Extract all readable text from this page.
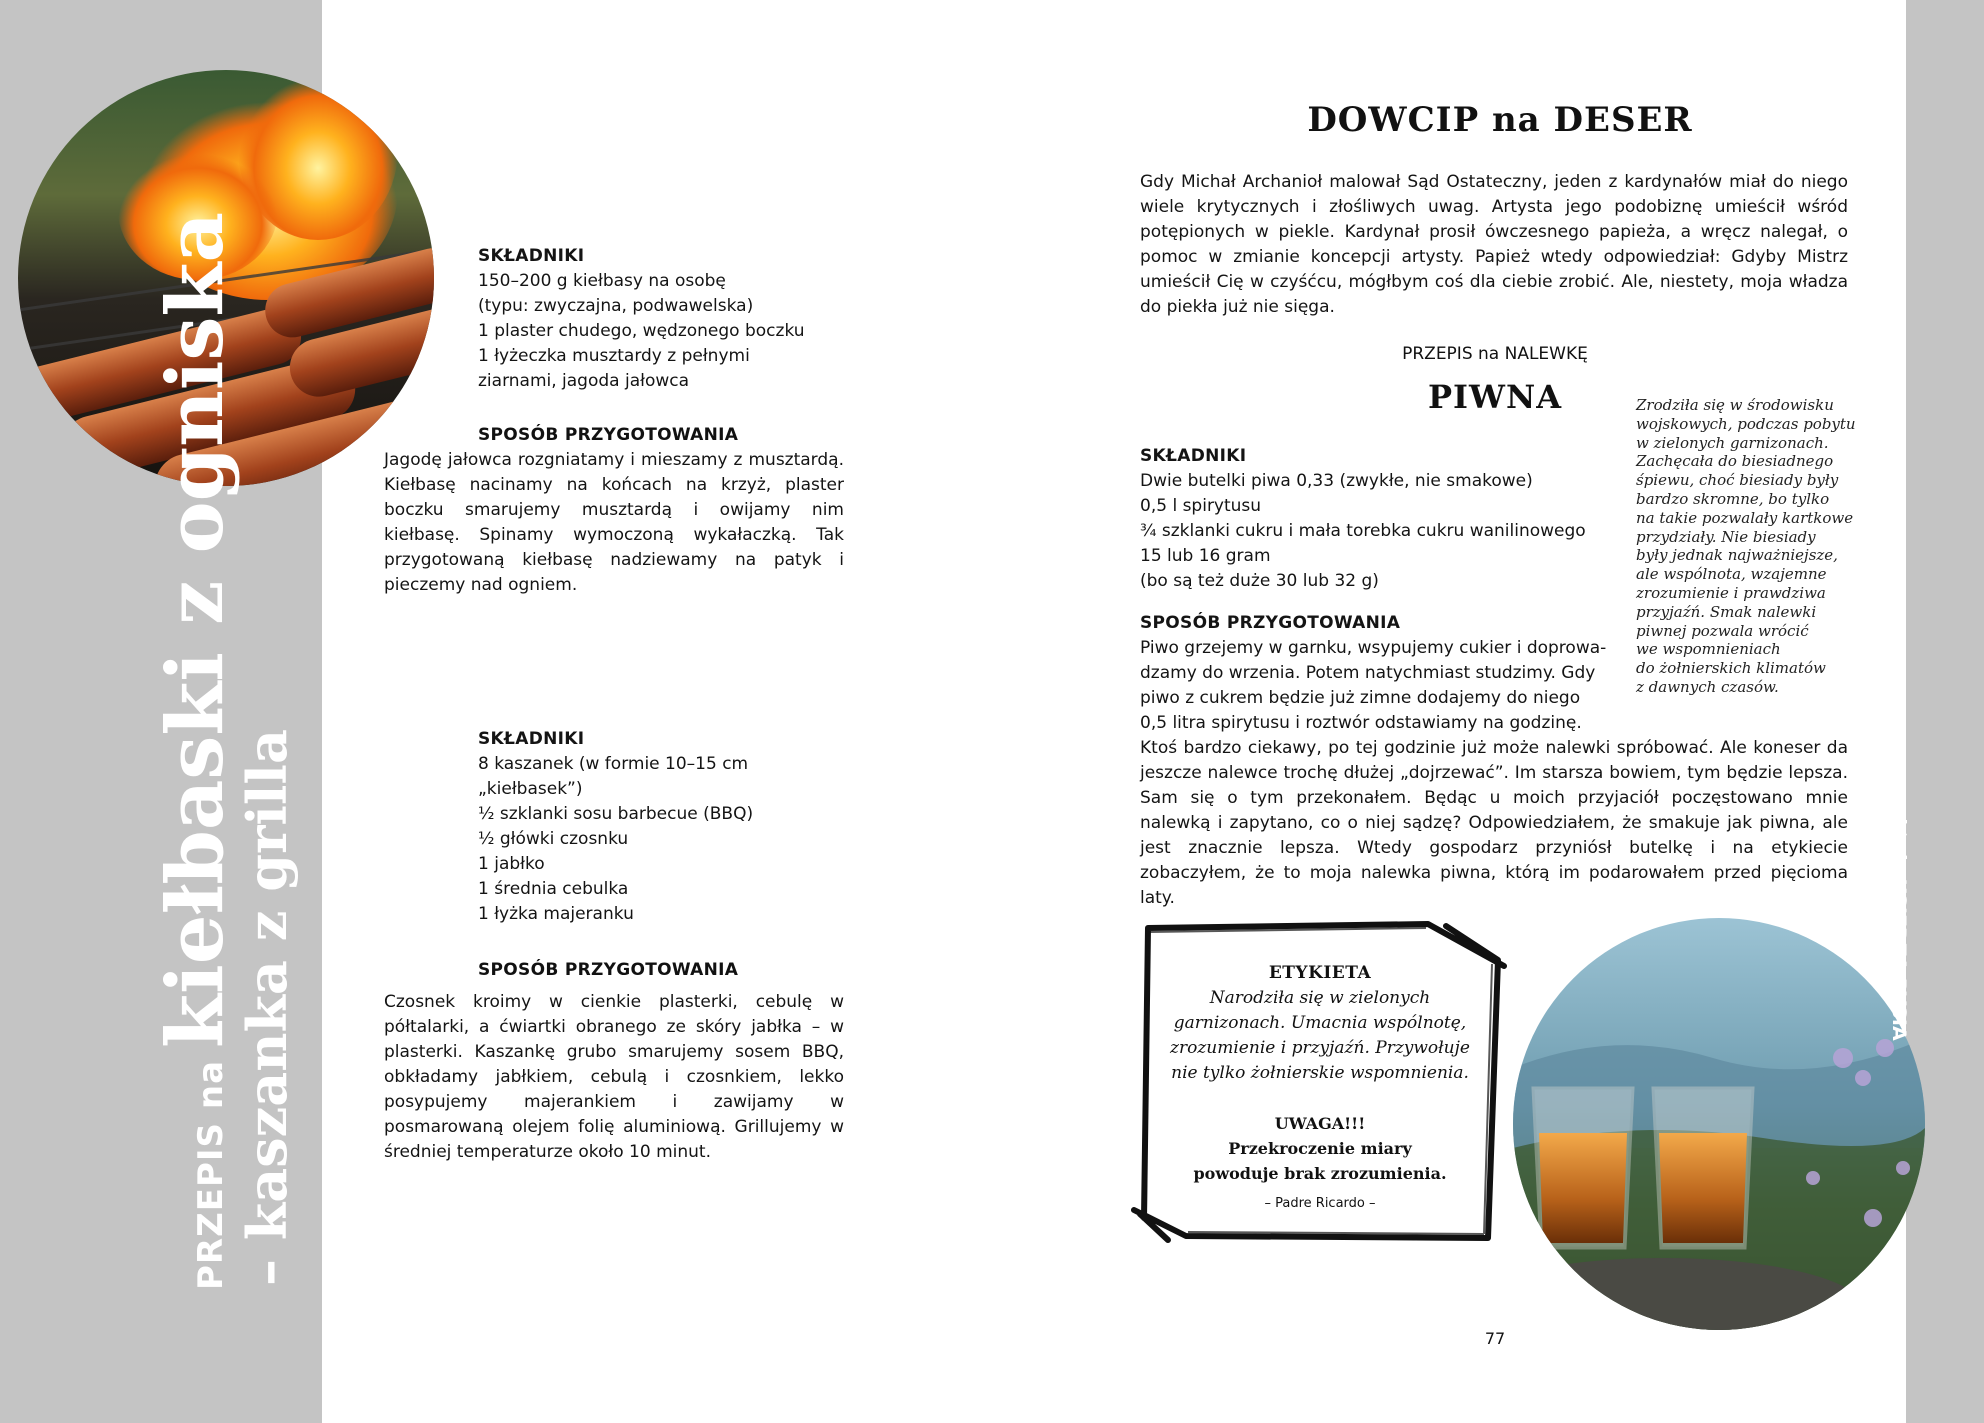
PRZEPIS nakiełbaski z ogniska
– kaszanka z grilla
SKŁADNIKI
150–200 g kiełbasy na osobę
(typu: zwyczajna, podwawelska)
1 plaster chudego, wędzonego boczku
1 łyżeczka musztardy z pełnymi
ziarnami, jagoda jałowca
SPOSÓB PRZYGOTOWANIA
Jagodę jałowca rozgniatamy i mieszamy z musztardą. Kiełbasę nacinamy na końcach na krzyż, plaster boczku smarujemy musztardą i owijamy nim kiełbasę. Spinamy wymoczoną wykałaczką. Tak przygotowaną kiełbasę nadziewamy na patyk i pieczemy nad ogniem.
SKŁADNIKI
8 kaszanek (w formie 10–15 cm
„kiełbasek”)
½ szklanki sosu barbecue (BBQ)
½ główki czosnku
1 jabłko
1 średnia cebulka
1 łyżka majeranku
SPOSÓB PRZYGOTOWANIA
Czosnek kroimy w cienkie plasterki, cebulę w półtalarki, a ćwiartki obranego ze skóry jabłka – w plasterki. Kaszankę grubo smarujemy sosem BBQ, obkładamy jabłkiem, cebulą i czosnkiem, lekko posypujemy majerankiem i zawijamy w posmarowaną olejem folię aluminiową. Grillujemy w średniej temperaturze około 10 minut.
DOWCIP na DESER
Gdy Michał Archanioł malował Sąd Ostateczny, jeden z kardynałów miał do niego wiele krytycznych i złośliwych uwag. Artysta jego podobiznę umieścił wśród potępionych w piekle. Kardynał prosił ówczesnego papieża, a wręcz nalegał, o pomoc w zmianie koncepcji artysty. Papież wtedy odpowiedział: Gdyby Mistrz umieścił Cię w czyśćcu, mógłbym coś dla ciebie zrobić. Ale, niestety, moja władza do piekła już nie sięga.
PRZEPIS na NALEWKĘ
PIWNA
SKŁADNIKI
Dwie butelki piwa 0,33 (zwykłe, nie smakowe)
0,5 l spirytusu
¾ szklanki cukru i mała torebka cukru wanilinowego
15 lub 16 gram
(bo są też duże 30 lub 32 g)
SPOSÓB PRZYGOTOWANIA
Piwo grzejemy w garnku, wsypujemy cukier i doprowa-
dzamy do wrzenia. Potem natychmiast studzimy. Gdy
piwo z cukrem będzie już zimne dodajemy do niego
0,5 litra spirytusu i roztwór odstawiamy na godzinę.
Ktoś bardzo ciekawy, po tej godzinie już może nalewki spróbować. Ale koneser da jeszcze nalewce trochę dłużej „dojrzewać”. Im starsza bowiem, tym będzie lepsza. Sam się o tym przekonałem. Będąc u moich przyjaciół poczęstowano mnie nalewką i zapytano, co o niej sądzę? Odpowiedziałem, że smakuje jak piwna, ale jest znacznie lepsza. Wtedy gospodarz przyniósł butelkę i na etykiecie zobaczyłem, że to moja nalewka piwna, którą im podarowałem przed pięcioma laty.
Zrodziła się w środowisku
wojskowych, podczas pobytu
w zielonych garnizonach.
Zachęcała do biesiadnego
śpiewu, choć biesiady były
bardzo skromne, bo tylko
na takie pozwalały kartkowe
przydziały. Nie biesiady
były jednak najważniejsze,
ale wspólnota, wzajemne
zrozumienie i prawdziwa
przyjaźń. Smak nalewki
piwnej pozwala wrócić
we wspomnieniach
do żołnierskich klimatów
z dawnych czasów.
ETYKIETA
Narodziła się w zielonych
garnizonach. Umacnia wspólnotę,
zrozumienie i przyjaźń. Przywołuje
nie tylko żołnierskie wspomnienia.
UWAGA!!!
Przekroczenie miary
powoduje brak zrozumienia.
– Padre Ricardo –
obiady KSIĘDZA RYSIA
77
